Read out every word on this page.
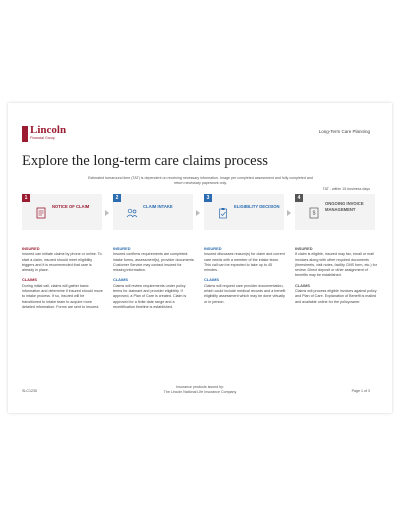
Lincoln
Financial Group
Long-Term Care Planning
Explore the long-term care claims process
Estimated turnaround time (TAT) is dependent on receiving necessary information. Image per completed assessment and fully completed and return necessary paperwork only.
TAT - within 15 business days
1
NOTICE OF CLAIM
2
CLAIM INTAKE
3
ELIGIBILITY DECISION
4
$
ONGOING INVOICE MANAGEMENT
INSURED

Insured can initiate claims by phone or online. To start a claim, insured should meet eligibility triggers and it is recommended that care is already in place.

CLAIMS

During initial call, claims will gather basic information and determine if insured should move to intake process. If so, insured will be transitioned to intake team to acquire more detailed information. Forms are sent to insured.

INSURED

Insured confirms requirements are completed: intake forms, assessment(s), provider documents. Customer Service may contact insured for missing information.

CLAIMS

Claims will review requirements under policy terms for claimant and provider eligibility. If approved, a Plan of Care is created. Claim is approved for a finite date range and a recertification timeline is established.

INSURED

Insured discusses reason(s) for claim and current care needs with a member of the intake team. This call can be expected to take up to 45 minutes.

CLAIMS

Claims will request care provider documentation, which could include medical records and a benefit eligibility assessment which may be done virtually or in person.

INSURED

If claim is eligible, insured may fax, email or mail invoices along with other required documents (timesheets, visit notes, facility CMS form, etc.) for review. Direct deposit or other assignment of benefits may be established.

CLAIMS

Claims will process eligible invoices against policy and Plan of Care. Explanation of Benefit is mailed and available online for the policyowner.

SLC1235
Insurance products issued by:
The Lincoln National Life Insurance Company	Page 1 of 3
